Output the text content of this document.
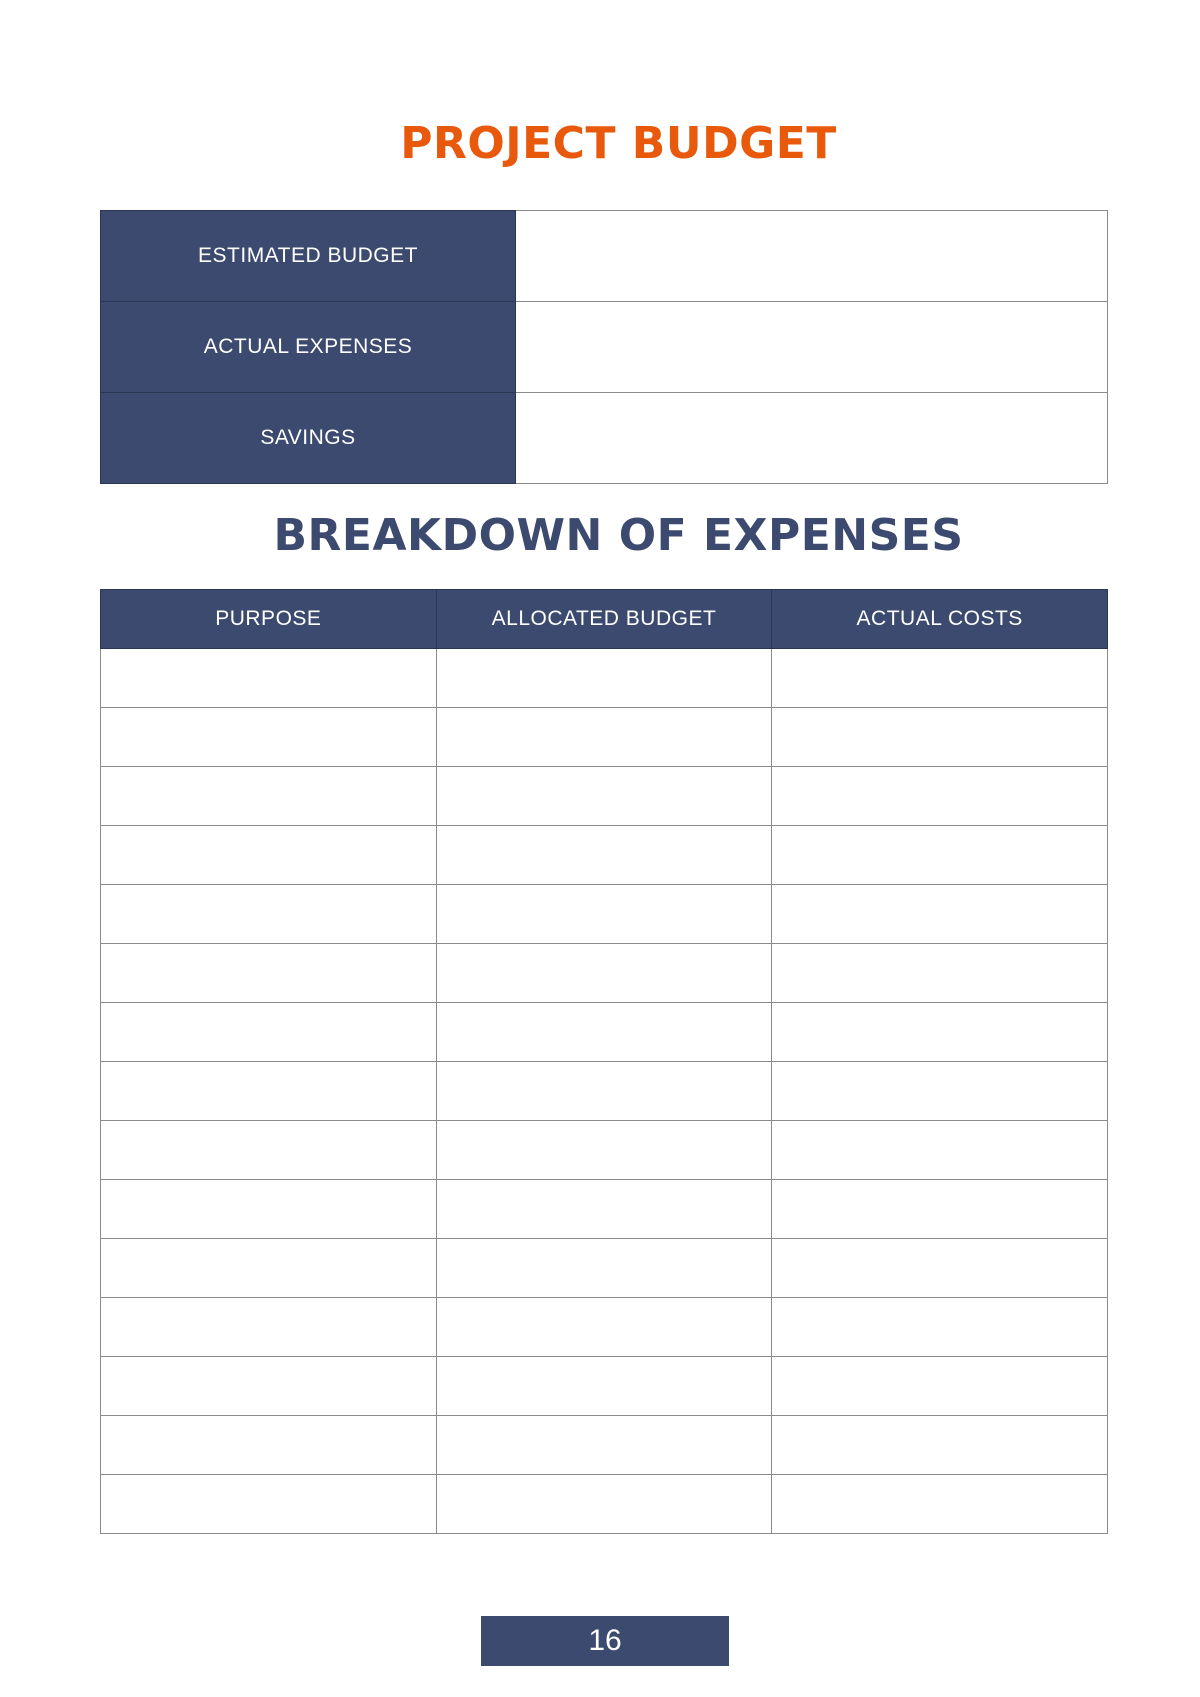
PROJECT BUDGET
ESTIMATED BUDGET	
ACTUAL EXPENSES	
SAVINGS	
BREAKDOWN OF EXPENSES
PURPOSE	ALLOCATED BUDGET	ACTUAL COSTS

16
